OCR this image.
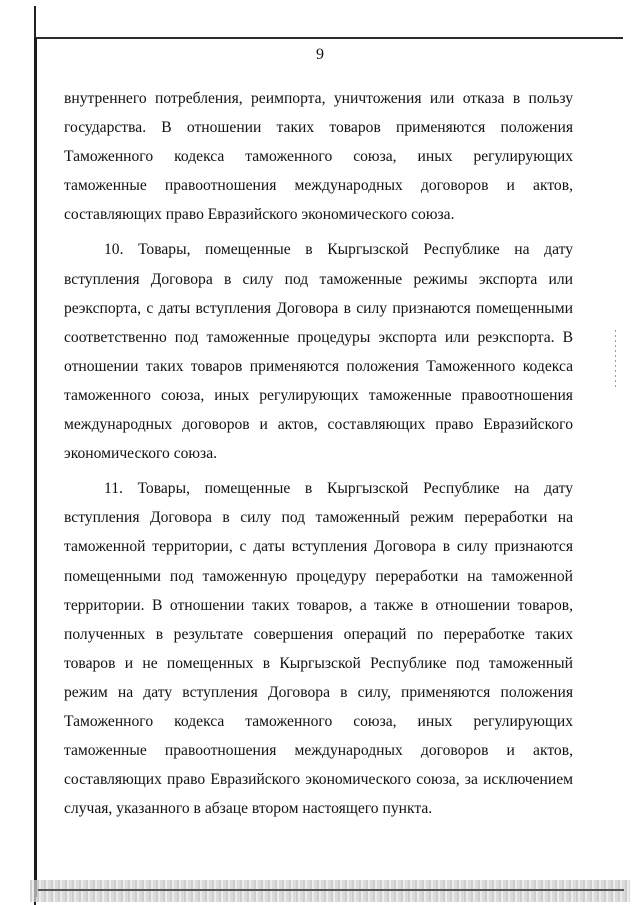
9

внутреннего потребления, реимпорта, уничтожения или отказа в пользу государства. В отношении таких товаров применяются положения Таможенного кодекса таможенного союза, иных регулирующих таможенные правоотношения международных договоров и актов, составляющих право Евразийского экономического союза.

10. Товары, помещенные в Кыргызской Республике на дату вступления Договора в силу под таможенные режимы экспорта или реэкспорта, с даты вступления Договора в силу признаются помещенными соответственно под таможенные процедуры экспорта или реэкспорта. В отношении таких товаров применяются положения Таможенного кодекса таможенного союза, иных регулирующих таможенные правоотношения международных договоров и актов, составляющих право Евразийского экономического союза.

11. Товары, помещенные в Кыргызской Республике на дату вступления Договора в силу под таможенный режим переработки на таможенной территории, с даты вступления Договора в силу признаются помещенными под таможенную процедуру переработки на таможенной территории. В отношении таких товаров, а также в отношении товаров, полученных в результате совершения операций по переработке таких товаров и не помещенных в Кыргызской Республике под таможенный режим на дату вступления Договора в силу, применяются положения Таможенного кодекса таможенного союза, иных регулирующих таможенные правоотношения международных договоров и актов, составляющих право Евразийского экономического союза, за исключением случая, указанного в абзаце втором настоящего пункта.
